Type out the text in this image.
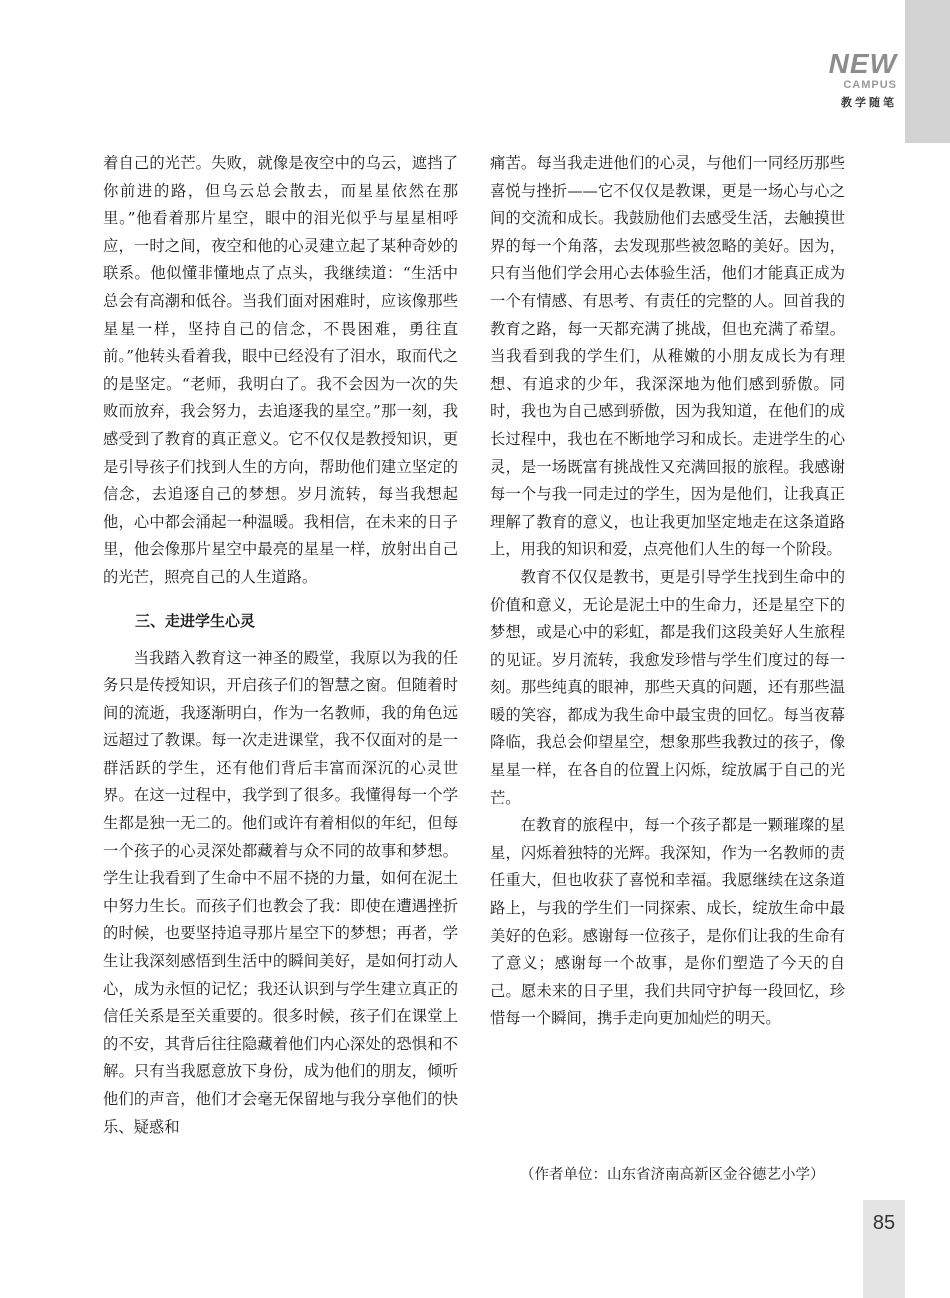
NEW
CAMPUS
教学随笔

着自己的光芒。失败，就像是夜空中的乌云，遮挡了你前进的路，但乌云总会散去，而星星依然在那里。”他看着那片星空，眼中的泪光似乎与星星相呼应，一时之间，夜空和他的心灵建立起了某种奇妙的联系。他似懂非懂地点了点头，我继续道：“生活中总会有高潮和低谷。当我们面对困难时，应该像那些星星一样，坚持自己的信念，不畏困难，勇往直前。”他转头看着我，眼中已经没有了泪水，取而代之的是坚定。“老师，我明白了。我不会因为一次的失败而放弃，我会努力，去追逐我的星空。”那一刻，我感受到了教育的真正意义。它不仅仅是教授知识，更是引导孩子们找到人生的方向，帮助他们建立坚定的信念，去追逐自己的梦想。岁月流转，每当我想起他，心中都会涌起一种温暖。我相信，在未来的日子里，他会像那片星空中最亮的星星一样，放射出自己的光芒，照亮自己的人生道路。

三、走进学生心灵

当我踏入教育这一神圣的殿堂，我原以为我的任务只是传授知识，开启孩子们的智慧之窗。但随着时间的流逝，我逐渐明白，作为一名教师，我的角色远远超过了教课。每一次走进课堂，我不仅面对的是一群活跃的学生，还有他们背后丰富而深沉的心灵世界。在这一过程中，我学到了很多。我懂得每一个学生都是独一无二的。他们或许有着相似的年纪，但每一个孩子的心灵深处都藏着与众不同的故事和梦想。学生让我看到了生命中不屈不挠的力量，如何在泥土中努力生长。而孩子们也教会了我：即使在遭遇挫折的时候，也要坚持追寻那片星空下的梦想；再者，学生让我深刻感悟到生活中的瞬间美好，是如何打动人心，成为永恒的记忆；我还认识到与学生建立真正的信任关系是至关重要的。很多时候，孩子们在课堂上的不安，其背后往往隐藏着他们内心深处的恐惧和不解。只有当我愿意放下身份，成为他们的朋友，倾听他们的声音，他们才会毫无保留地与我分享他们的快乐、疑惑和

痛苦。每当我走进他们的心灵，与他们一同经历那些喜悦与挫折——它不仅仅是教课，更是一场心与心之间的交流和成长。我鼓励他们去感受生活，去触摸世界的每一个角落，去发现那些被忽略的美好。因为，只有当他们学会用心去体验生活，他们才能真正成为一个有情感、有思考、有责任的完整的人。回首我的教育之路，每一天都充满了挑战，但也充满了希望。当我看到我的学生们，从稚嫩的小朋友成长为有理想、有追求的少年，我深深地为他们感到骄傲。同时，我也为自己感到骄傲，因为我知道，在他们的成长过程中，我也在不断地学习和成长。走进学生的心灵，是一场既富有挑战性又充满回报的旅程。我感谢每一个与我一同走过的学生，因为是他们，让我真正理解了教育的意义，也让我更加坚定地走在这条道路上，用我的知识和爱，点亮他们人生的每一个阶段。

教育不仅仅是教书，更是引导学生找到生命中的价值和意义，无论是泥土中的生命力，还是星空下的梦想，或是心中的彩虹，都是我们这段美好人生旅程的见证。岁月流转，我愈发珍惜与学生们度过的每一刻。那些纯真的眼神，那些天真的问题，还有那些温暖的笑容，都成为我生命中最宝贵的回忆。每当夜幕降临，我总会仰望星空，想象那些我教过的孩子，像星星一样，在各自的位置上闪烁，绽放属于自己的光芒。

在教育的旅程中，每一个孩子都是一颗璀璨的星星，闪烁着独特的光辉。我深知，作为一名教师的责任重大，但也收获了喜悦和幸福。我愿继续在这条道路上，与我的学生们一同探索、成长，绽放生命中最美好的色彩。感谢每一位孩子，是你们让我的生命有了意义；感谢每一个故事，是你们塑造了今天的自己。愿未来的日子里，我们共同守护每一段回忆，珍惜每一个瞬间，携手走向更加灿烂的明天。

（作者单位：山东省济南高新区金谷德艺小学）
85
